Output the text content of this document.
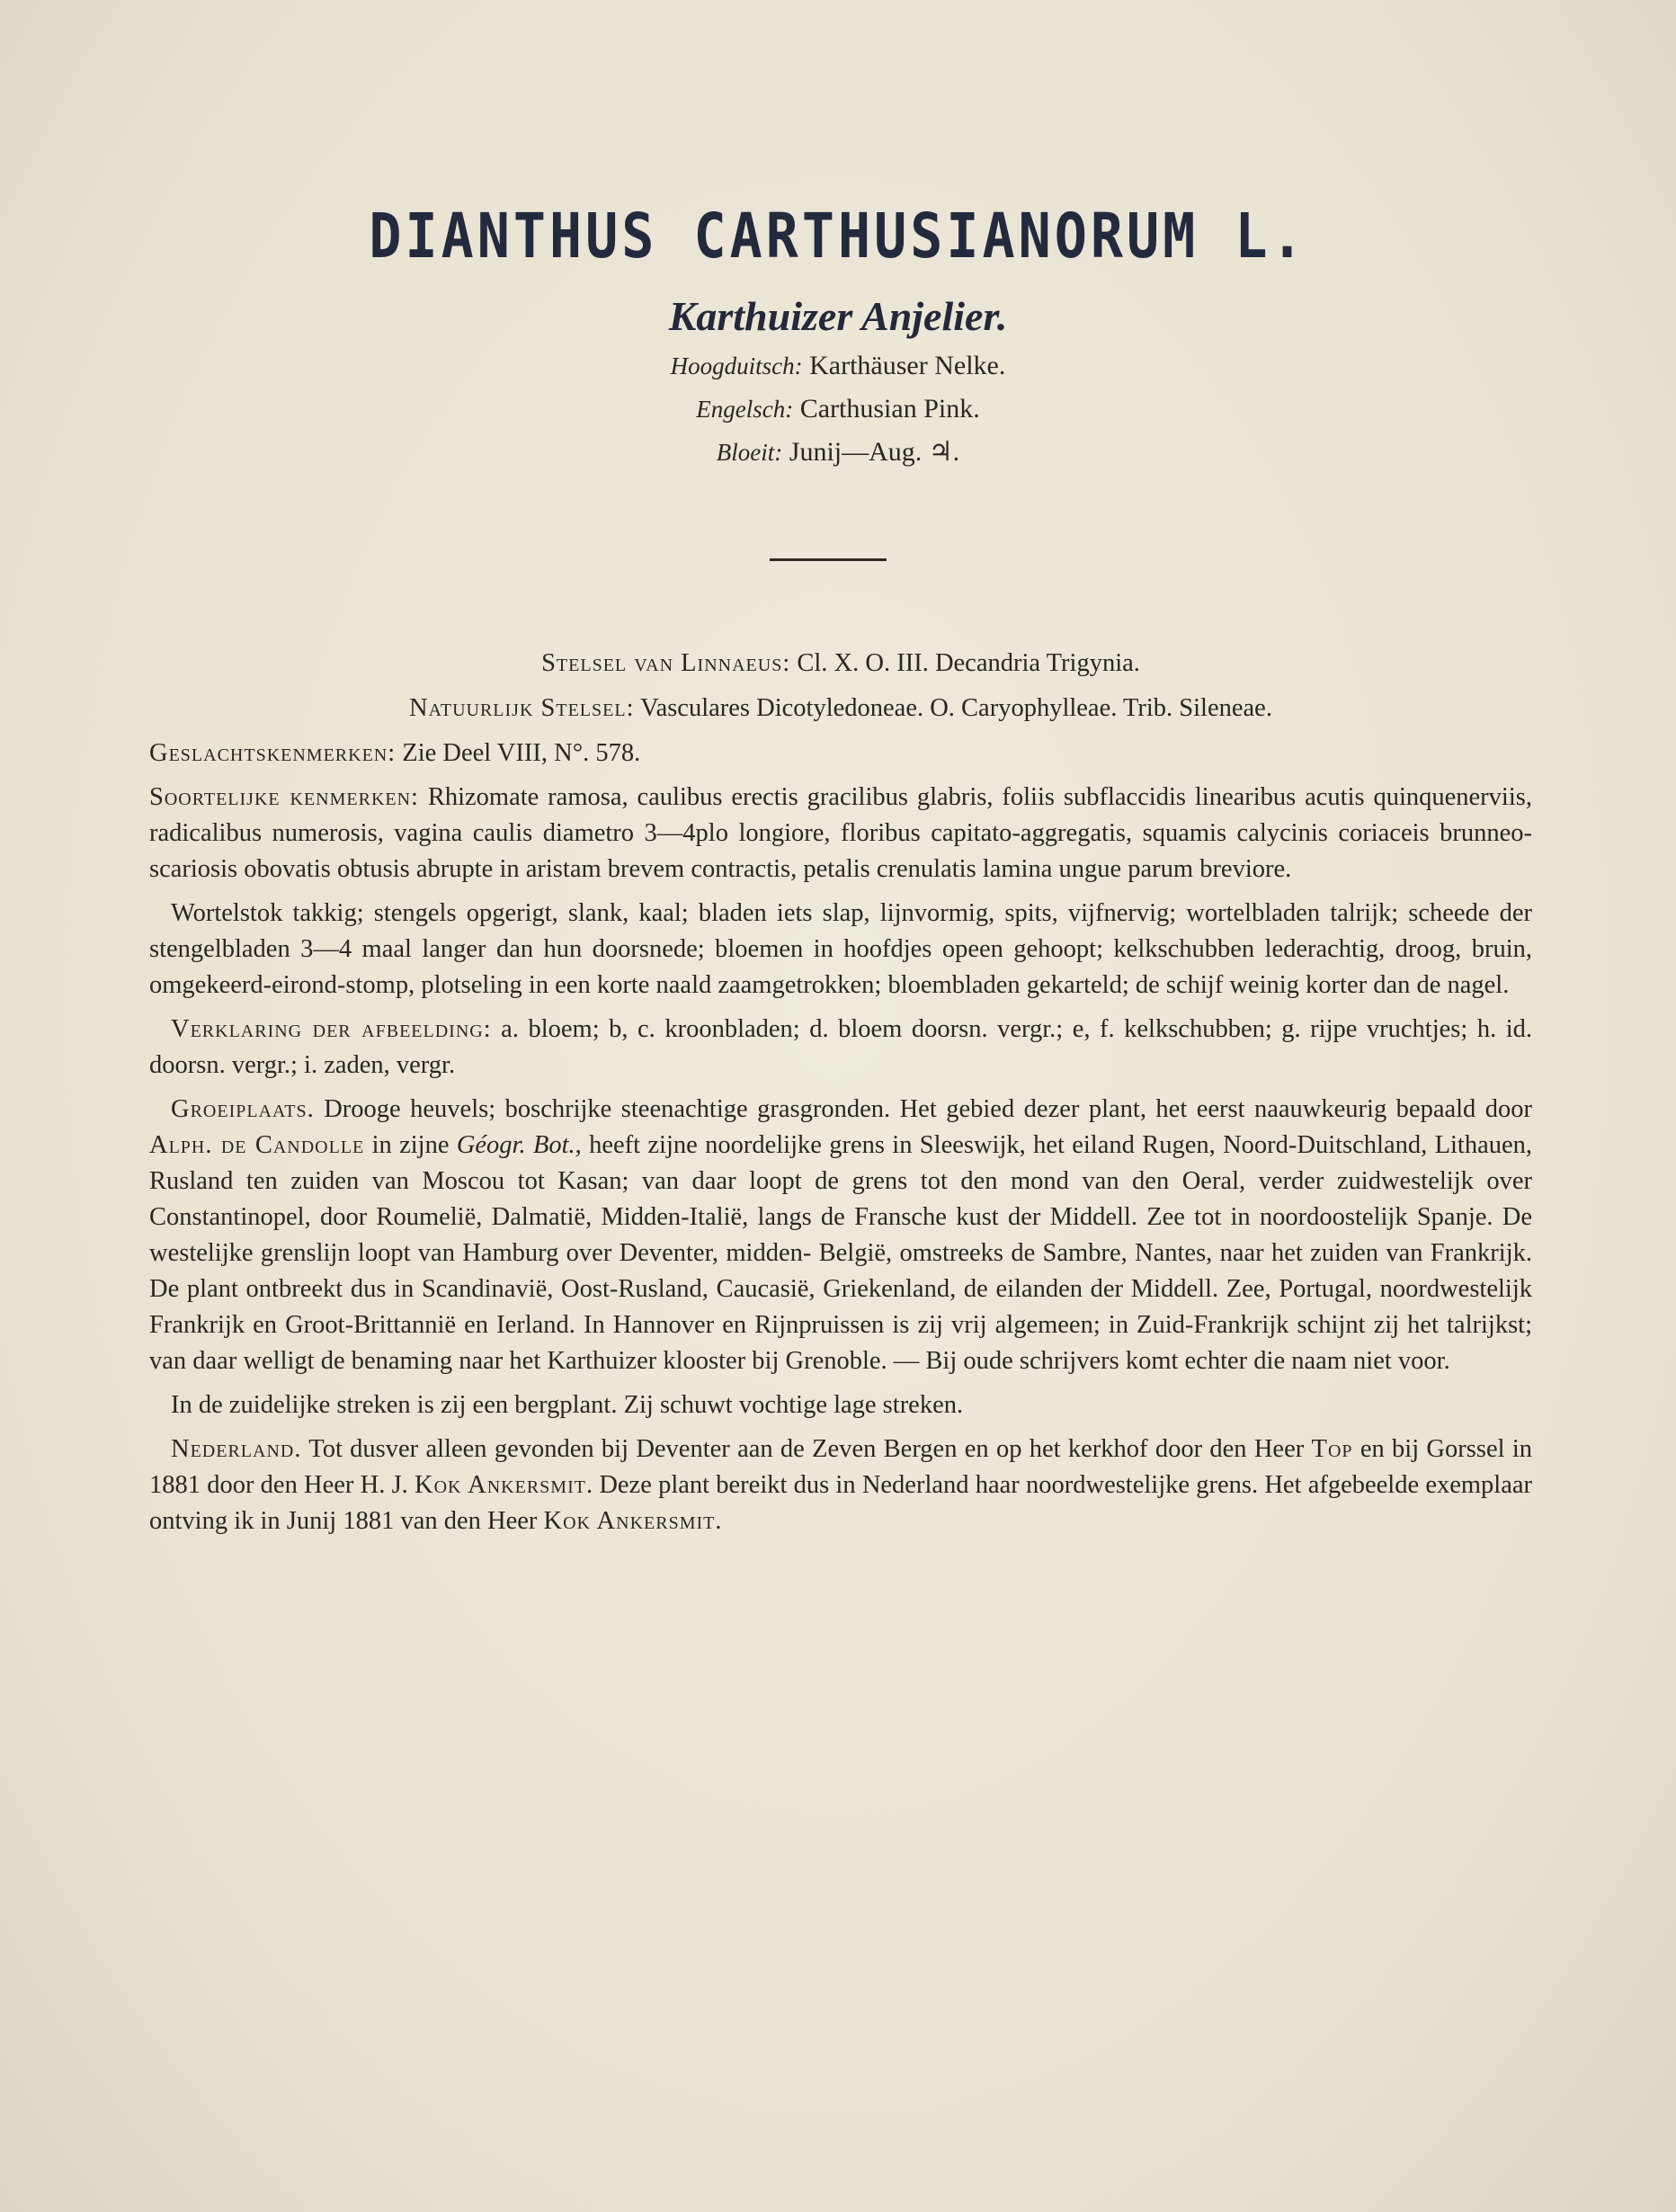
DIANTHUS CARTHUSIANORUM L.
Karthuizer Anjelier.
Hoogduitsch: Karthäuser Nelke.
Engelsch: Carthusian Pink.
Bloeit: Junij—Aug. ♃.
Stelsel van Linnaeus: Cl. X. O. III. Decandria Trigynia.
Natuurlijk Stelsel: Vasculares Dicotyledoneae. O. Caryophylleae. Trib. Sileneae.
Geslachtskenmerken: Zie Deel VIII, N°. 578.
Soortelijke kenmerken: Rhizomate ramosa, caulibus erectis gracilibus glabris, foliis subflaccidis linearibus acutis quinquenerviis, radicalibus numerosis, vagina caulis diametro 3—4plo longiore, floribus capitato-aggregatis, squamis calycinis coriaceis brunneo-scariosis obovatis obtusis abrupte in aristam brevem contractis, petalis crenulatis lamina ungue parum breviore.
Wortelstok takkig; stengels opgerigt, slank, kaal; bladen iets slap, lijnvormig, spits, vijfnervig; wortelbladen talrijk; scheede der stengelbladen 3—4 maal langer dan hun doorsnede; bloemen in hoofdjes opeen gehoopt; kelkschubben lederachtig, droog, bruin, omgekeerd-eirond-stomp, plotseling in een korte naald zaamgetrokken; bloembladen gekarteld; de schijf weinig korter dan de nagel.
Verklaring der afbeelding: a. bloem; b, c. kroonbladen; d. bloem doorsn. vergr.; e, f. kelkschubben; g. rijpe vruchtjes; h. id. doorsn. vergr.; i. zaden, vergr.
Groeiplaats. Drooge heuvels; boschrijke steenachtige grasgronden. Het gebied dezer plant, het eerst naauwkeurig bepaald door Alph. de Candolle in zijne Géogr. Bot., heeft zijne noordelijke grens in Sleeswijk, het eiland Rugen, Noord-Duitschland, Lithauen, Rusland ten zuiden van Moscou tot Kasan; van daar loopt de grens tot den mond van den Oeral, verder zuidwestelijk over Constantinopel, door Roumelië, Dalmatië, Midden-Italië, langs de Fransche kust der Middell. Zee tot in noordoostelijk Spanje. De westelijke grenslijn loopt van Hamburg over Deventer, midden- België, omstreeks de Sambre, Nantes, naar het zuiden van Frankrijk. De plant ontbreekt dus in Scandinavië, Oost-Rusland, Caucasië, Griekenland, de eilanden der Middell. Zee, Portugal, noordwestelijk Frankrijk en Groot-Brittannië en Ierland. In Hannover en Rijnpruissen is zij vrij algemeen; in Zuid-Frankrijk schijnt zij het talrijkst; van daar welligt de benaming naar het Karthuizer klooster bij Grenoble. — Bij oude schrijvers komt echter die naam niet voor.
In de zuidelijke streken is zij een bergplant. Zij schuwt vochtige lage streken.
Nederland. Tot dusver alleen gevonden bij Deventer aan de Zeven Bergen en op het kerkhof door den Heer Top en bij Gorssel in 1881 door den Heer H. J. Kok Ankersmit. Deze plant bereikt dus in Nederland haar noordwestelijke grens. Het afgebeelde exemplaar ontving ik in Junij 1881 van den Heer Kok Ankersmit.
